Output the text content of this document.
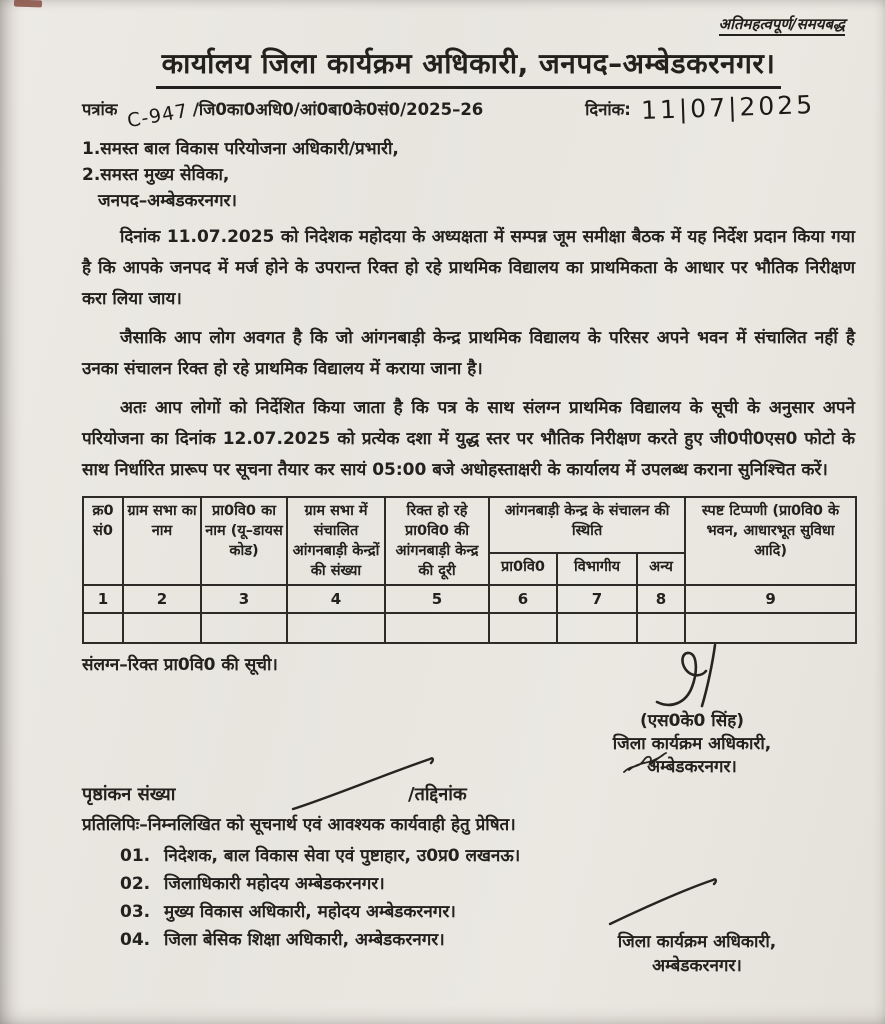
अतिमहत्वपूर्ण/समयबद्ध
कार्यालय जिला कार्यक्रम अधिकारी, जनपद–अम्बेडकरनगर।
पत्रांक C-947 /जि0का0अधि0/आं0बा0के0सं0/2025–26	दिनांक: 11|07|2025
1.समस्त बाल विकास परियोजना अधिकारी/प्रभारी,
2.समस्त मुख्य सेविका,
जनपद–अम्बेडकरनगर।
दिनांक 11.07.2025 को निदेशक महोदया के अध्यक्षता में सम्पन्न जूम समीक्षा बैठक में यह निर्देश प्रदान किया गया है कि आपके जनपद में मर्ज होने के उपरान्त रिक्त हो रहे प्राथमिक विद्यालय का प्राथमिकता के आधार पर भौतिक निरीक्षण करा लिया जाय।
जैसाकि आप लोग अवगत है कि जो आंगनबाड़ी केन्द्र प्राथमिक विद्यालय के परिसर अपने भवन में संचालित नहीं है उनका संचालन रिक्त हो रहे प्राथमिक विद्यालय में कराया जाना है।
अतः आप लोगों को निर्देशित किया जाता है कि पत्र के साथ संलग्न प्राथमिक विद्यालय के सूची के अनुसार अपने परियोजना का दिनांक 12.07.2025 को प्रत्येक दशा में युद्ध स्तर पर भौतिक निरीक्षण करते हुए जी0पी0एस0 फोटो के साथ निर्धारित प्रारूप पर सूचना तैयार कर सायं 05:00 बजे अधोहस्ताक्षरी के कार्यालय में उपलब्ध कराना सुनिश्चित करें।
क्र0 सं0	ग्राम सभा का नाम	प्रा0वि0 का नाम (यू–डायस कोड)	ग्राम सभा में संचालित आंगनबाड़ी केन्द्रों की संख्या	रिक्त हो रहे प्रा0वि0 की आंगनबाड़ी केन्द्र की दूरी	आंगनबाड़ी केन्द्र के संचालन की स्थिति			स्पष्ट टिप्पणी (प्रा0वि0 के भवन, आधारभूत सुविधा आदि)
					प्रा0वि0	विभागीय	अन्य	
1	2	3	4	5	6	7	8	9

संलग्न–रिक्त प्रा0वि0 की सूची।
(एस0के0 सिंह)
जिला कार्यक्रम अधिकारी,
अम्बेडकरनगर।
पृष्ठांकन संख्या	/तद्दिनांक
प्रतिलिपिः–निम्नलिखित को सूचनार्थ एवं आवश्यक कार्यवाही हेतु प्रेषित।
01. निदेशक, बाल विकास सेवा एवं पुष्टाहार, उ0प्र0 लखनऊ।
02. जिलाधिकारी महोदय अम्बेडकरनगर।
03. मुख्य विकास अधिकारी, महोदय अम्बेडकरनगर।
04. जिला बेसिक शिक्षा अधिकारी, अम्बेडकरनगर।	जिला कार्यक्रम अधिकारी,
अम्बेडकरनगर।
